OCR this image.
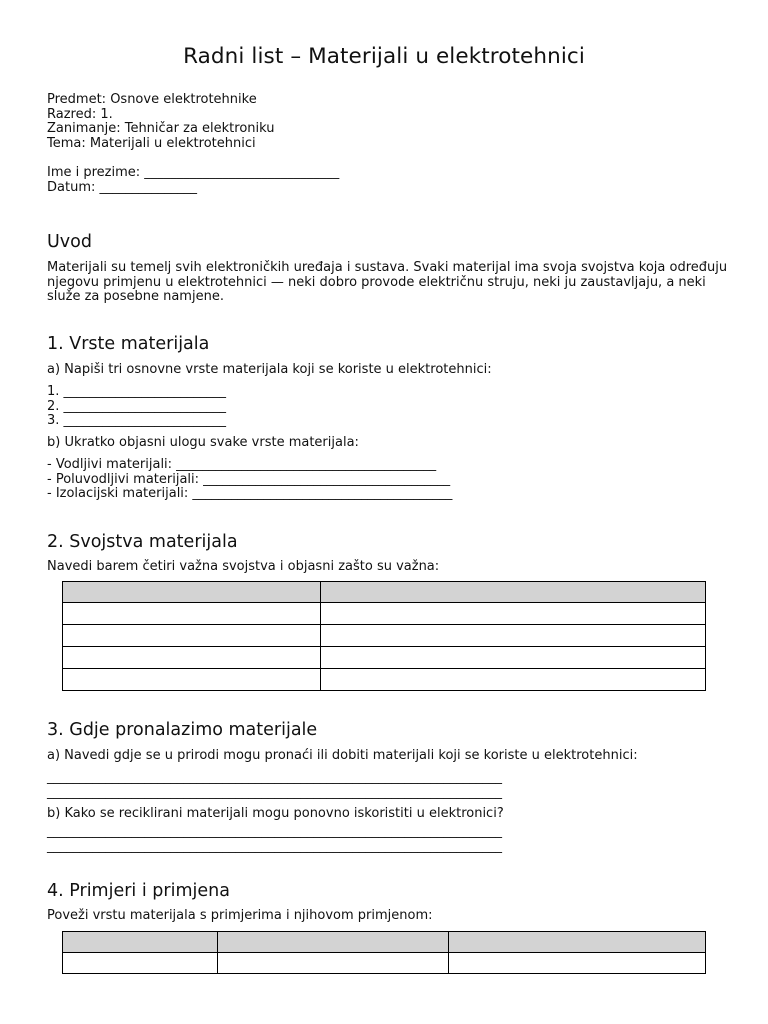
Radni list – Materijali u elektrotehnici
Predmet: Osnove elektrotehnike
Razred: 1.
Zanimanje: Tehničar za elektroniku
Tema: Materijali u elektrotehnici
Ime i prezime: ______________________________
Datum: _______________
Uvod
Materijali su temelj svih elektroničkih uređaja i sustava. Svaki materijal ima svoja svojstva koja određuju
njegovu primjenu u elektrotehnici — neki dobro provode električnu struju, neki ju zaustavljaju, a neki
služe za posebne namjene.
1. Vrste materijala
a) Napiši tri osnovne vrste materijala koji se koriste u elektrotehnici:
1. _________________________
2. _________________________
3. _________________________
b) Ukratko objasni ulogu svake vrste materijala:
- Vodljivi materijali: ________________________________________
- Poluvodljivi materijali: ______________________________________
- Izolacijski materijali: ________________________________________
2. Svojstva materijala
Navedi barem četiri važna svojstva i objasni zašto su važna:

3. Gdje pronalazimo materijale
a) Navedi gdje se u prirodi mogu pronaći ili dobiti materijali koji se koriste u elektrotehnici:
______________________________________________________________________
______________________________________________________________________
b) Kako se reciklirani materijali mogu ponovno iskoristiti u elektronici?
______________________________________________________________________
______________________________________________________________________
4. Primjeri i primjena
Poveži vrstu materijala s primjerima i njihovom primjenom:
